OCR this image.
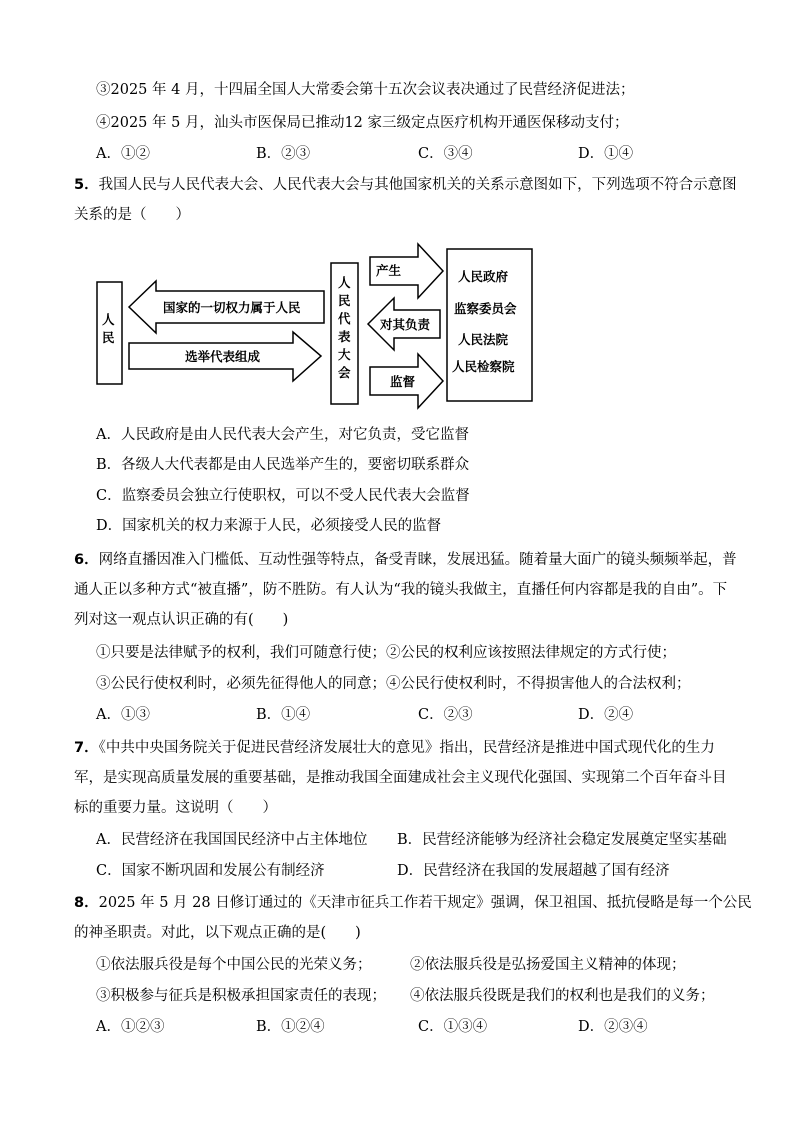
③2025 年 4 月，十四届全国人大常委会第十五次会议表决通过了民营经济促进法；
④2025 年 5 月，汕头市医保局已推动12 家三级定点医疗机构开通医保移动支付；
A．①②	B．②③	C．③④	D．①④
5．我国人民与人民代表大会、人民代表大会与其他国家机关的关系示意图如下，下列选项不符合示意图
关系的是（　　）
人
民
国家的一切权力属于人民
选举代表组成
人
民
代
表
大
会
产生
对其负责
监督
人民政府
监察委员会
人民法院
人民检察院
A．人民政府是由人民代表大会产生，对它负责，受它监督
B．各级人大代表都是由人民选举产生的，要密切联系群众
C．监察委员会独立行使职权，可以不受人民代表大会监督
D．国家机关的权力来源于人民，必须接受人民的监督
6．网络直播因准入门槛低、互动性强等特点，备受青睐，发展迅猛。随着量大面广的镜头频频举起，普
通人正以多种方式“被直播”，防不胜防。有人认为“我的镜头我做主，直播任何内容都是我的自由”。下
列对这一观点认识正确的有(　　)
①只要是法律赋予的权利，我们可随意行使；②公民的权利应该按照法律规定的方式行使；
③公民行使权利时，必须先征得他人的同意；④公民行使权利时，不得损害他人的合法权利；
A．①③	B．①④	C．②③	D．②④
7．《中共中央国务院关于促进民营经济发展壮大的意见》指出，民营经济是推进中国式现代化的生力
军，是实现高质量发展的重要基础，是推动我国全面建成社会主义现代化强国、实现第二个百年奋斗目
标的重要力量。这说明（　　）
A．民营经济在我国国民经济中占主体地位 B．民营经济能够为经济社会稳定发展奠定坚实基础
C．国家不断巩固和发展公有制经济	D．民营经济在我国的发展超越了国有经济
8．2025 年 5 月 28 日修订通过的《天津市征兵工作若干规定》强调，保卫祖国、抵抗侵略是每一个公民
的神圣职责。对此，以下观点正确的是(　　)
①依法服兵役是每个中国公民的光荣义务；	②依法服兵役是弘扬爱国主义精神的体现；
③积极参与征兵是积极承担国家责任的表现； ④依法服兵役既是我们的权利也是我们的义务；
A．①②③	B．①②④	C．①③④	D．②③④
